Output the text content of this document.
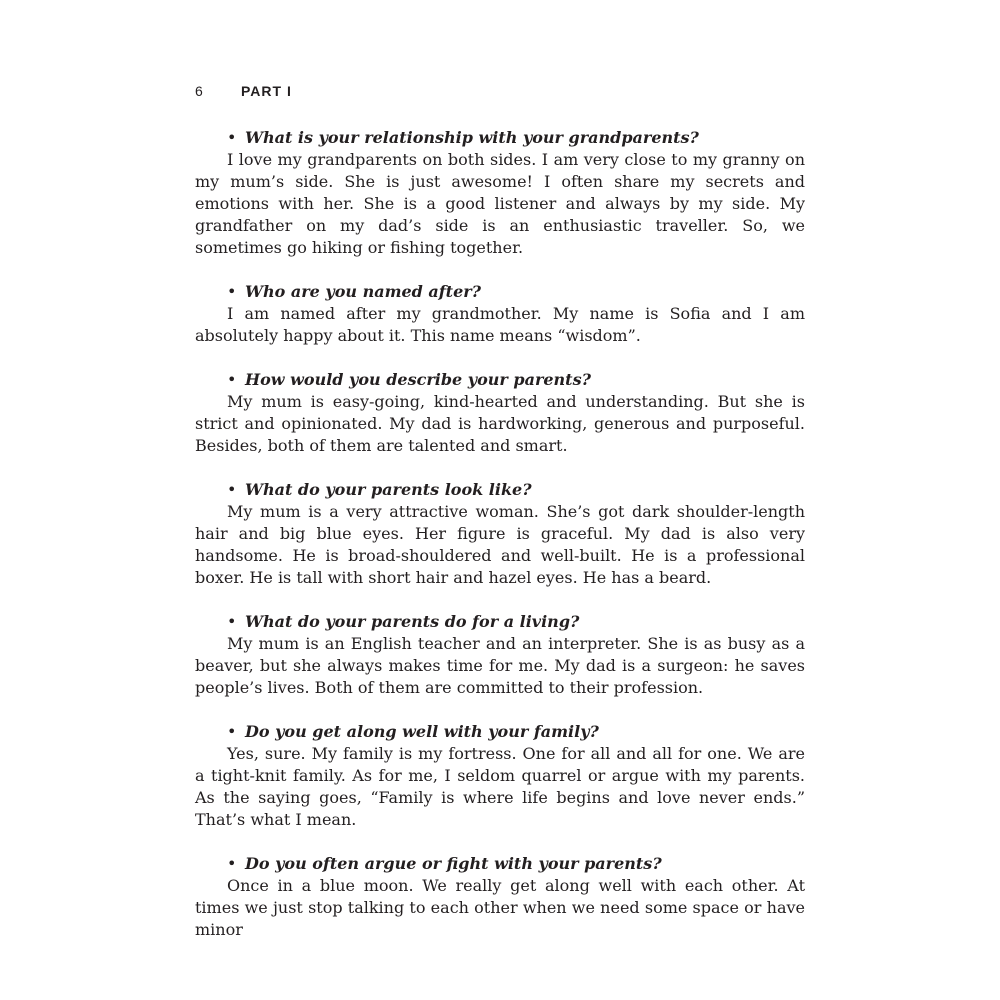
6	PART I

• What is your relationship with your grandparents?

I love my grandparents on both sides. I am very close to my granny on my mum’s side. She is just awesome! I often share my secrets and emotions with her. She is a good listener and always by my side. My grandfather on my dad’s side is an enthusiastic traveller. So, we sometimes go hiking or fishing together.

• Who are you named after?

I am named after my grandmother. My name is Sofia and I am absolutely happy about it. This name means “wisdom”.

• How would you describe your parents?

My mum is easy-going, kind-hearted and understanding. But she is strict and opinionated. My dad is hardworking, generous and purposeful. Besides, both of them are talented and smart.

• What do your parents look like?

My mum is a very attractive woman. She’s got dark shoulder-length hair and big blue eyes. Her figure is graceful. My dad is also very handsome. He is broad-shouldered and well-built. He is a professional boxer. He is tall with short hair and hazel eyes. He has a beard.

• What do your parents do for a living?

My mum is an English teacher and an interpreter. She is as busy as a beaver, but she always makes time for me. My dad is a surgeon: he saves people’s lives. Both of them are committed to their profession.

• Do you get along well with your family?

Yes, sure. My family is my fortress. One for all and all for one. We are a tight-knit family. As for me, I seldom quarrel or argue with my parents. As the saying goes, “Family is where life begins and love never ends.” That’s what I mean.

• Do you often argue or fight with your parents?

Once in a blue moon. We really get along well with each other. At times we just stop talking to each other when we need some space or have minor
